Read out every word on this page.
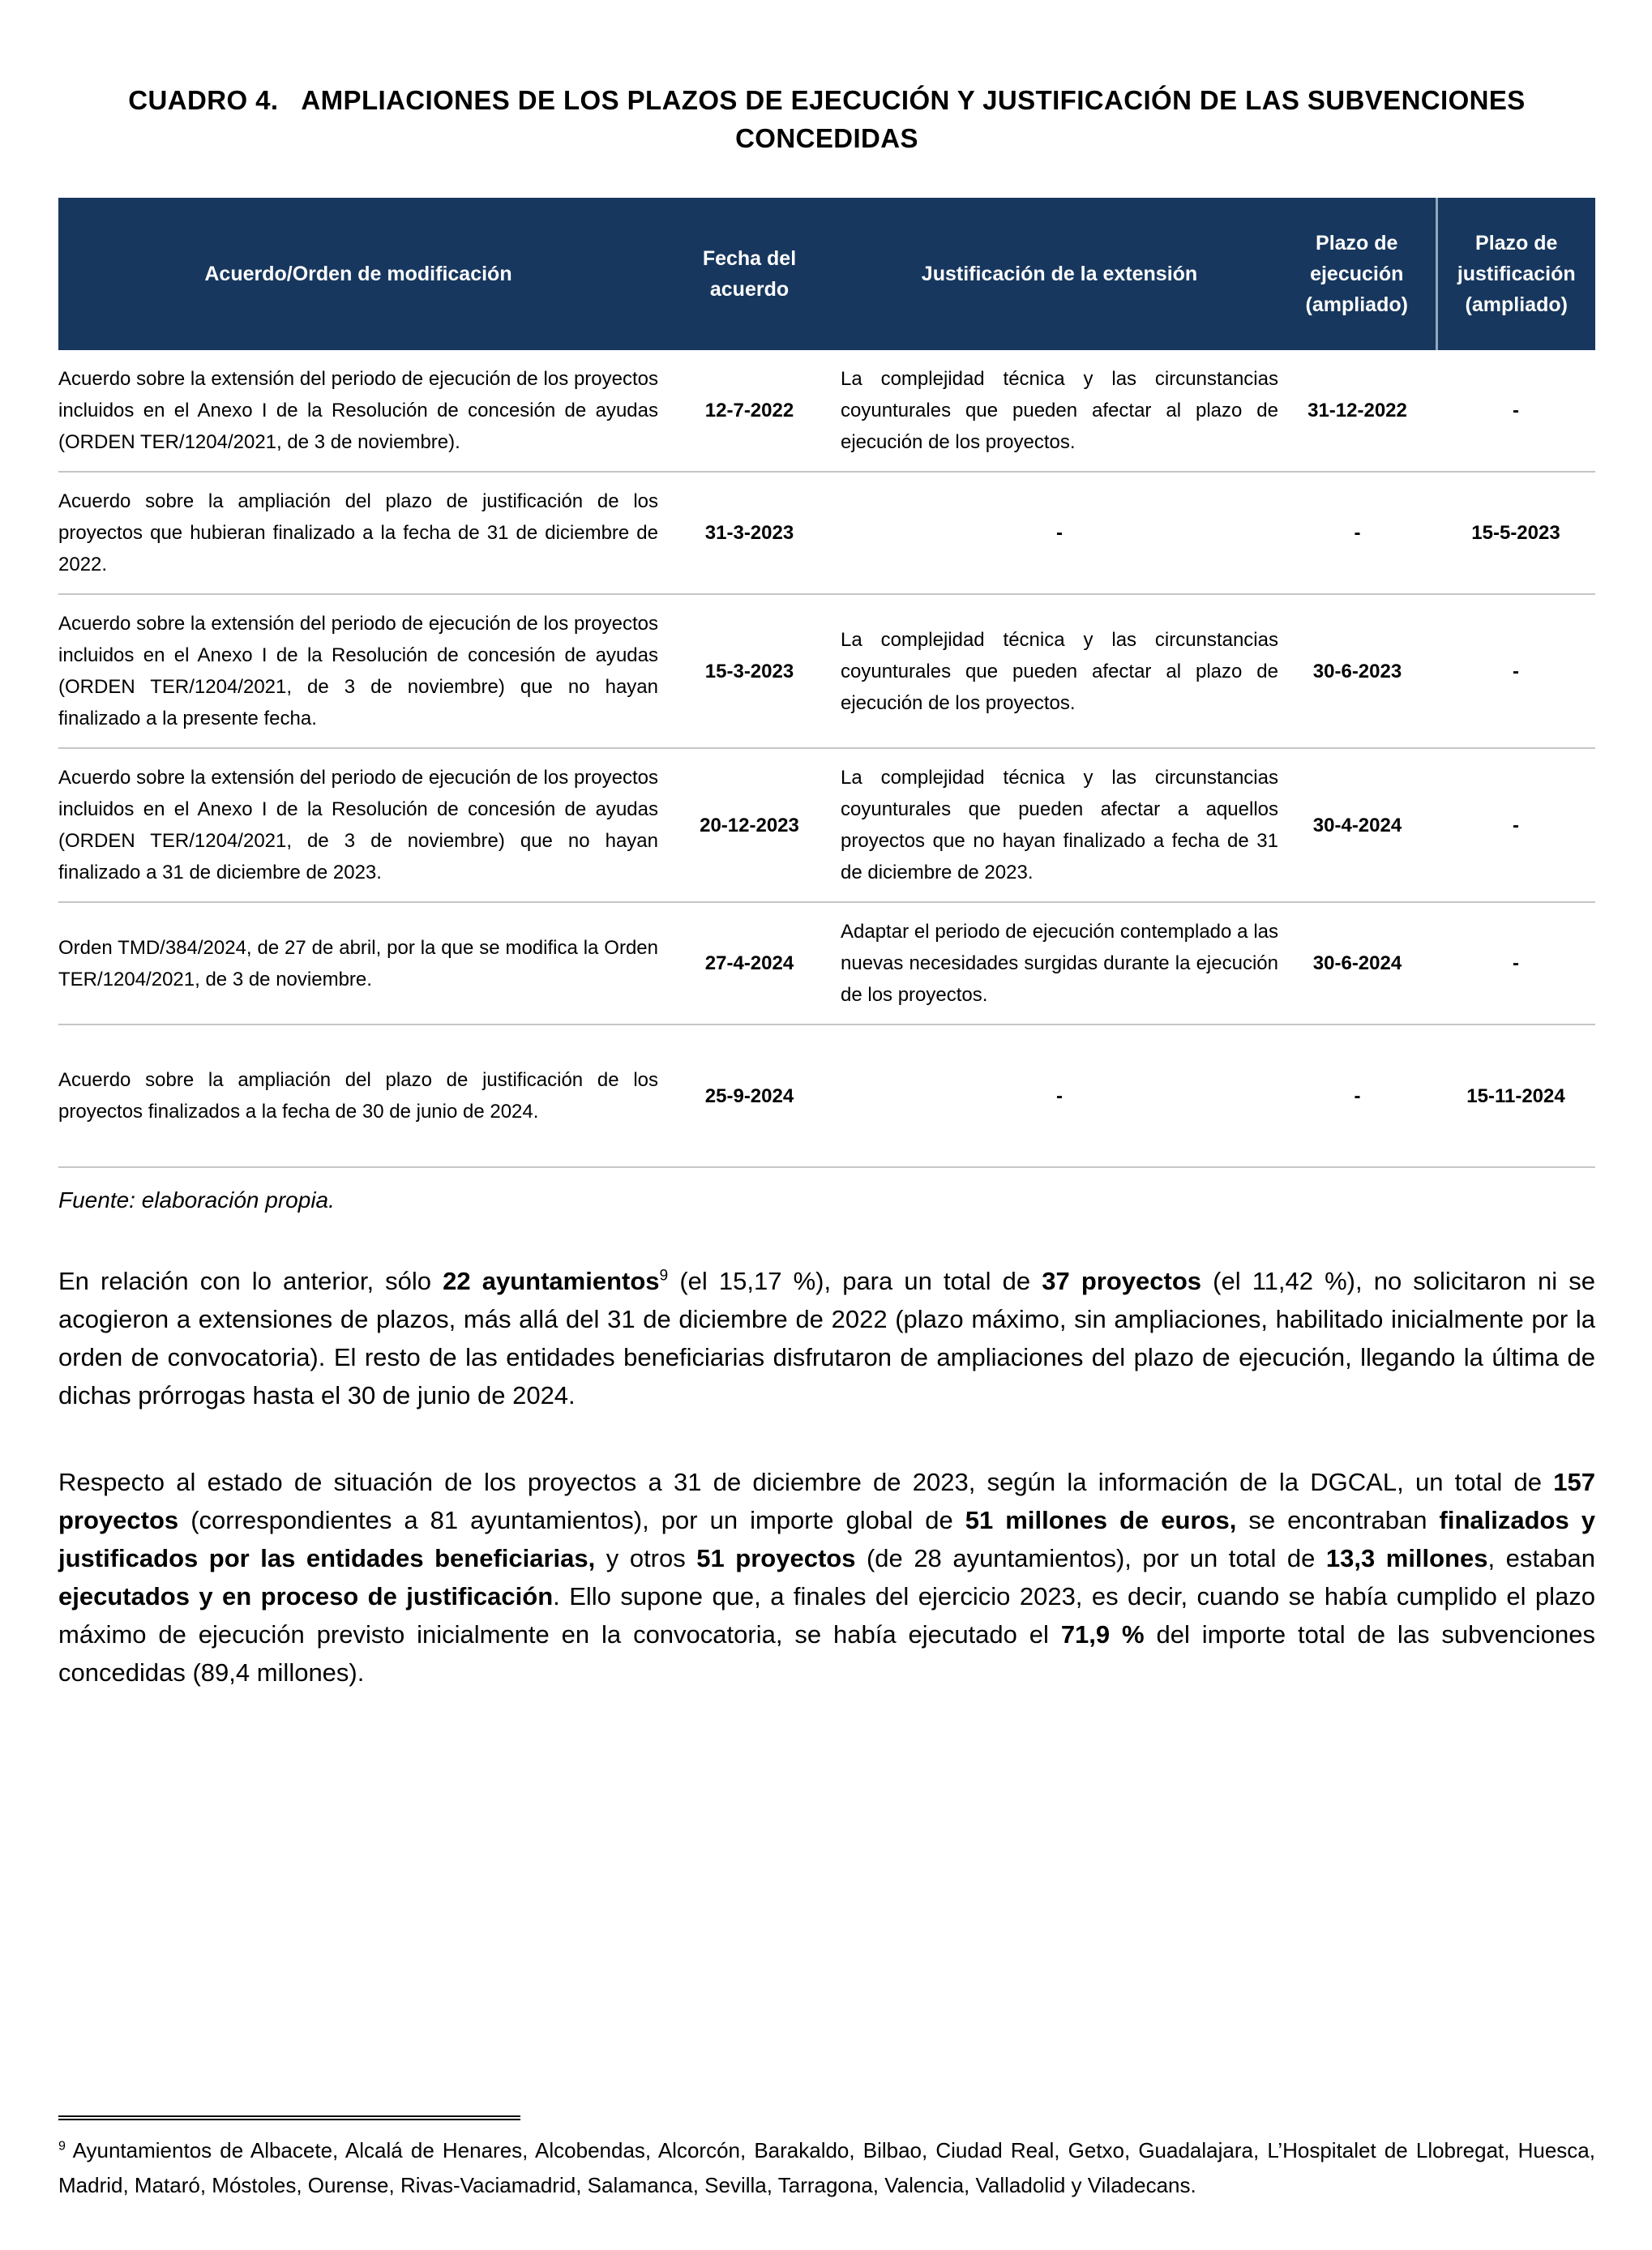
CUADRO 4. AMPLIACIONES DE LOS PLAZOS DE EJECUCIÓN Y JUSTIFICACIÓN DE LAS SUBVENCIONES CONCEDIDAS
Acuerdo/Orden de modificación	Fecha del acuerdo	Justificación de la extensión	Plazo de ejecución (ampliado)	Plazo de justificación (ampliado)
Acuerdo sobre la extensión del periodo de ejecución de los proyectos incluidos en el Anexo I de la Resolución de concesión de ayudas (ORDEN TER/1204/2021, de 3 de noviembre).	12-7-2022	La complejidad técnica y las circunstancias coyunturales que pueden afectar al plazo de ejecución de los proyectos.	31-12-2022	-
Acuerdo sobre la ampliación del plazo de justificación de los proyectos que hubieran finalizado a la fecha de 31 de diciembre de 2022.	31-3-2023	-	-	15-5-2023
Acuerdo sobre la extensión del periodo de ejecución de los proyectos incluidos en el Anexo I de la Resolución de concesión de ayudas (ORDEN TER/1204/2021, de 3 de noviembre) que no hayan finalizado a la presente fecha.	15-3-2023	La complejidad técnica y las circunstancias coyunturales que pueden afectar al plazo de ejecución de los proyectos.	30-6-2023	-
Acuerdo sobre la extensión del periodo de ejecución de los proyectos incluidos en el Anexo I de la Resolución de concesión de ayudas (ORDEN TER/1204/2021, de 3 de noviembre) que no hayan finalizado a 31 de diciembre de 2023.	20-12-2023	La complejidad técnica y las circunstancias coyunturales que pueden afectar a aquellos proyectos que no hayan finalizado a fecha de 31 de diciembre de 2023.	30-4-2024	-
Orden TMD/384/2024, de 27 de abril, por la que se modifica la Orden TER/1204/2021, de 3 de noviembre.	27-4-2024	Adaptar el periodo de ejecución contemplado a las nuevas necesidades surgidas durante la ejecución de los proyectos.	30-6-2024	-
Acuerdo sobre la ampliación del plazo de justificación de los proyectos finalizados a la fecha de 30 de junio de 2024.	25-9-2024	-	-	15-11-2024

Fuente: elaboración propia.

En relación con lo anterior, sólo 22 ayuntamientos$^9$ (el 15,17 %), para un total de 37 proyectos (el 11,42 %), no solicitaron ni se acogieron a extensiones de plazos, más allá del 31 de diciembre de 2022 (plazo máximo, sin ampliaciones, habilitado inicialmente por la orden de convocatoria). El resto de las entidades beneficiarias disfrutaron de ampliaciones del plazo de ejecución, llegando la última de dichas prórrogas hasta el 30 de junio de 2024.

Respecto al estado de situación de los proyectos a 31 de diciembre de 2023, según la información de la DGCAL, un total de 157 proyectos (correspondientes a 81 ayuntamientos), por un importe global de 51 millones de euros, se encontraban finalizados y justificados por las entidades beneficiarias, y otros 51 proyectos (de 28 ayuntamientos), por un total de 13,3 millones, estaban ejecutados y en proceso de justificación. Ello supone que, a finales del ejercicio 2023, es decir, cuando se había cumplido el plazo máximo de ejecución previsto inicialmente en la convocatoria, se había ejecutado el 71,9 % del importe total de las subvenciones concedidas (89,4 millones).

$^9$ Ayuntamientos de Albacete, Alcalá de Henares, Alcobendas, Alcorcón, Barakaldo, Bilbao, Ciudad Real, Getxo, Guadalajara, L’Hospitalet de Llobregat, Huesca, Madrid, Mataró, Móstoles, Ourense, Rivas-Vaciamadrid, Salamanca, Sevilla, Tarragona, Valencia, Valladolid y Viladecans.
